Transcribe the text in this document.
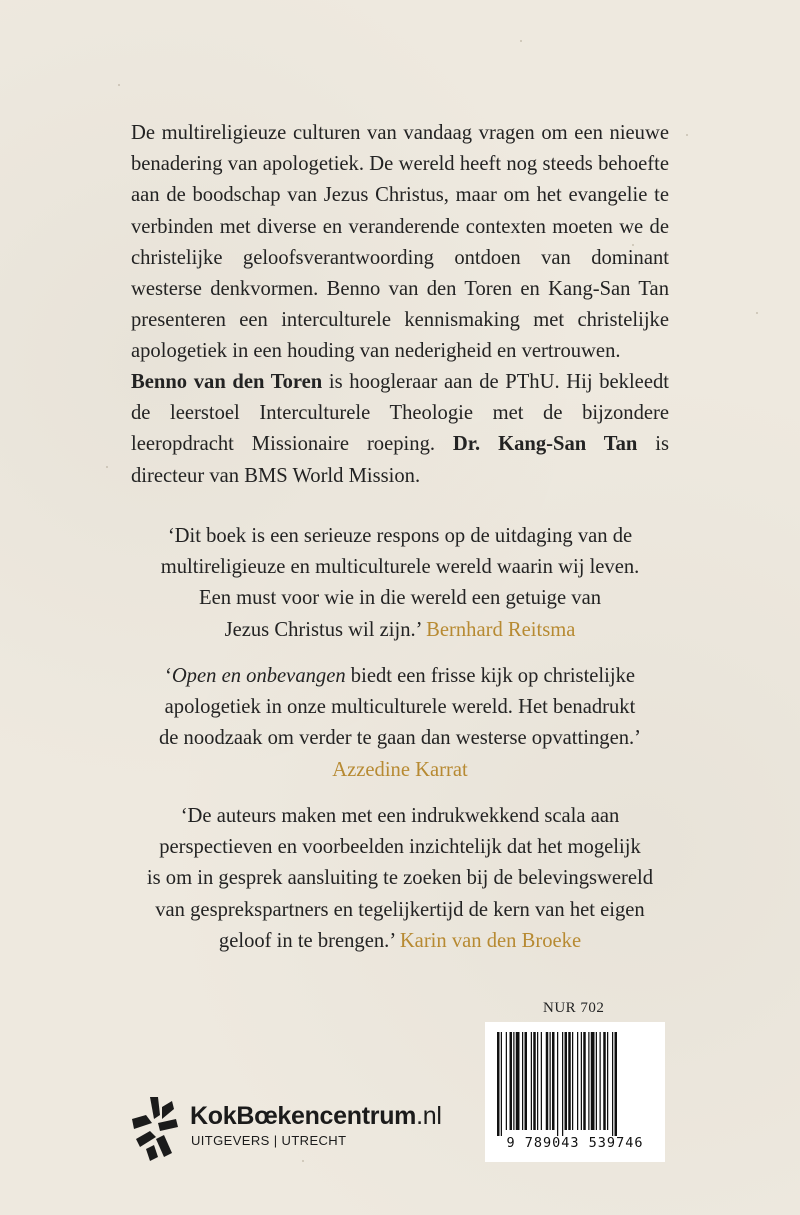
De multireligieuze culturen van vandaag vragen om een nieuwe benadering van apologetiek. De wereld heeft nog steeds behoefte aan de boodschap van Jezus Christus, maar om het evangelie te verbinden met diverse en veranderende contexten moeten we de christelijke geloofsverantwoording ontdoen van dominant westerse denkvormen. Benno van den Toren en Kang-San Tan presenteren een interculturele kennismaking met christelijke apologetiek in een houding van nederigheid en vertrouwen.

Benno van den Toren is hoogleraar aan de PThU. Hij bekleedt de leerstoel Interculturele Theologie met de bijzondere leeropdracht Missionaire roeping. Dr. Kang-San Tan is directeur van BMS World Mission.

‘Dit boek is een serieuze respons op de uitdaging van de
multireligieuze en multiculturele wereld waarin wij leven.
Een must voor wie in die wereld een getuige van
Jezus Christus wil zijn.’ Bernhard Reitsma

‘Open en onbevangen biedt een frisse kijk op christelijke
apologetiek in onze multiculturele wereld. Het benadrukt
de noodzaak om verder te gaan dan westerse opvattingen.’
Azzedine Karrat

‘De auteurs maken met een indrukwekkend scala aan
perspectieven en voorbeelden inzichtelijk dat het mogelijk
is om in gesprek aansluiting te zoeken bij de belevingswereld
van gesprekspartners en tegelijkertijd de kern van het eigen
geloof in te brengen.’ Karin van den Broeke

NUR 702
9 789043 539746
KokBœkencentrum.nl
UITGEVERS | UTRECHT
